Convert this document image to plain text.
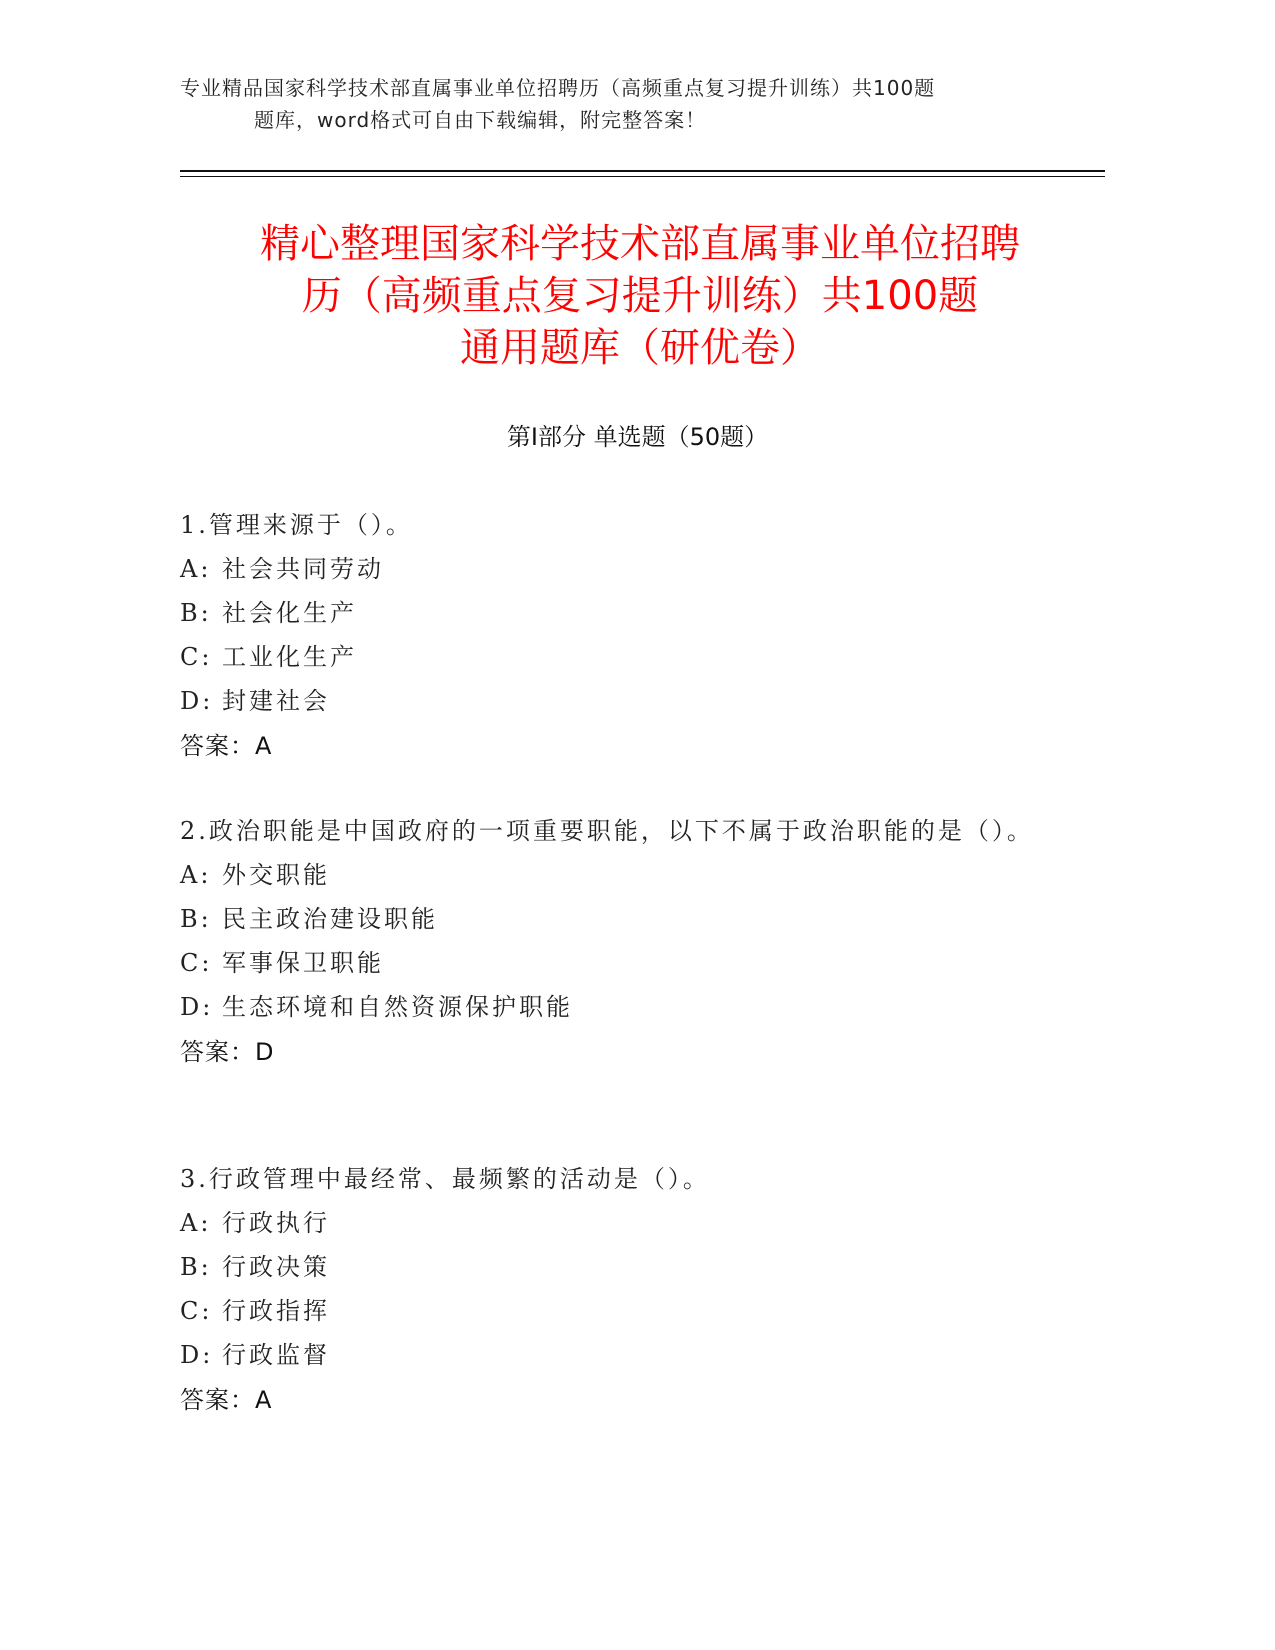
专业精品国家科学技术部直属事业单位招聘历（高频重点复习提升训练）共100题
题库，word格式可自由下载编辑，附完整答案！
精心整理国家科学技术部直属事业单位招聘
历（高频重点复习提升训练）共100题
通用题库（研优卷）
第Ⅰ部分 单选题（50题）
1.管理来源于（）。
A: 社会共同劳动
B: 社会化生产
C: 工业化生产
D: 封建社会
答案：A
2.政治职能是中国政府的一项重要职能，以下不属于政治职能的是（）。
A: 外交职能
B: 民主政治建设职能
C: 军事保卫职能
D: 生态环境和自然资源保护职能
答案：D
3.行政管理中最经常、最频繁的活动是（）。
A: 行政执行
B: 行政决策
C: 行政指挥
D: 行政监督
答案：A
